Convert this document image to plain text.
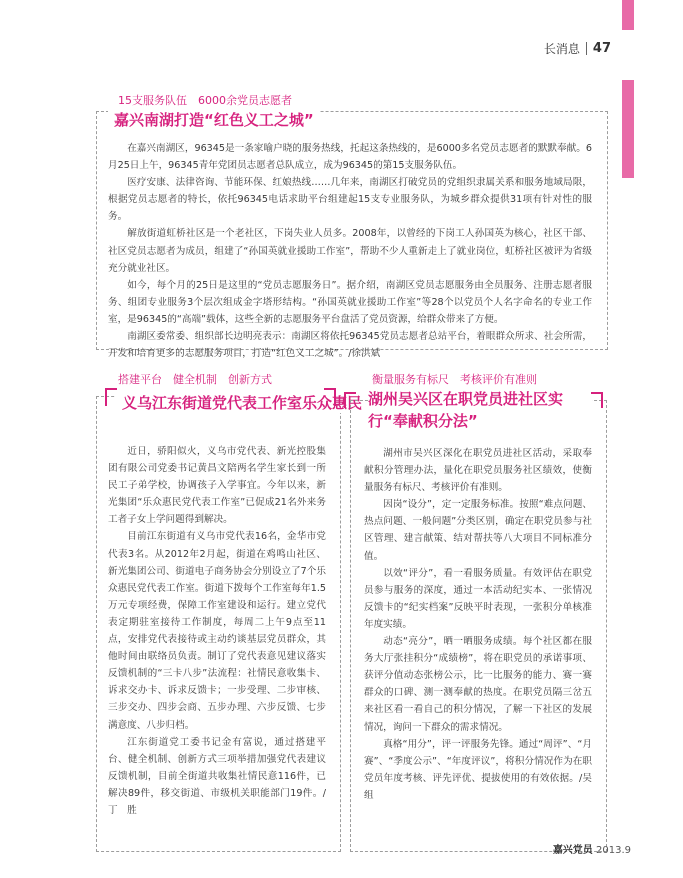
长消息 47
15支服务队伍　6000余党员志愿者
嘉兴南湖打造“红色义工之城”

在嘉兴南湖区，96345是一条家喻户晓的服务热线，托起这条热线的，是6000多名党员志愿者的默默奉献。6月25日上午，96345青年党团员志愿者总队成立，成为96345的第15支服务队伍。

医疗安康、法律咨询、节能环保、红娘热线……几年来，南湖区打破党员的党组织隶属关系和服务地域局限，根据党员志愿者的特长，依托96345电话求助平台组建起15支专业服务队，为城乡群众提供31项有针对性的服务。

解放街道虹桥社区是一个老社区，下岗失业人员多。2008年，以曾经的下岗工人孙国英为核心，社区干部、社区党员志愿者为成员，组建了“孙国英就业援助工作室”，帮助不少人重新走上了就业岗位，虹桥社区被评为省级充分就业社区。

如今，每个月的25日是这里的“党员志愿服务日”。据介绍，南湖区党员志愿服务由全员服务、注册志愿者服务、组团专业服务3个层次组成金字塔形结构。“孙国英就业援助工作室”等28个以党员个人名字命名的专业工作室，是96345的“高端”载体，这些全新的志愿服务平台盘活了党员资源，给群众带来了方便。

南湖区委常委、组织部长边明亮表示：南湖区将依托96345党员志愿者总站平台，着眼群众所求、社会所需，开发和培育更多的志愿服务项目，打造“红色义工之城”。/徐洪斌

搭建平台　健全机制　创新方式
义乌江东街道党代表工作室乐众惠民

近日，骄阳似火，义乌市党代表、新光控股集团有限公司党委书记黄昌文陪两名学生家长到一所民工子弟学校，协调孩子入学事宜。今年以来，新光集团“乐众惠民党代表工作室”已促成21名外来务工者子女上学问题得到解决。

目前江东街道有义乌市党代表16名，金华市党代表3名。从2012年2月起，街道在鸡鸣山社区、新光集团公司、街道电子商务协会分别设立了7个乐众惠民党代表工作室。街道下拨每个工作室每年1.5万元专项经费，保障工作室建设和运行。建立党代表定期驻室接待工作制度，每周二上午9点至11点，安排党代表接待或主动约谈基层党员群众，其他时间由联络员负责。制订了党代表意见建议落实反馈机制的“三卡八步”法流程：社情民意收集卡、诉求交办卡、诉求反馈卡；一步受理、二步审核、三步交办、四步会商、五步办理、六步反馈、七步满意度、八步归档。

江东街道党工委书记金有富说，通过搭建平台、健全机制、创新方式三项举措加强党代表建议反馈机制，目前全街道共收集社情民意116件，已解决89件，移交街道、市级机关职能部门19件。/丁　胜

衡量服务有标尺　考核评价有准则
湖州吴兴区在职党员进社区实行“奉献积分法”

湖州市吴兴区深化在职党员进社区活动，采取奉献积分管理办法，量化在职党员服务社区绩效，使衡量服务有标尺、考核评价有准则。

因岗“设分”，定一定服务标准。按照“难点问题、热点问题、一般问题”分类区别，确定在职党员参与社区管理、建言献策、结对帮扶等八大项目不同标准分值。

以效“评分”，看一看服务质量。有效评估在职党员参与服务的深度，通过一本活动纪实本、一张情况反馈卡的“纪实档案”反映平时表现，一张积分单核准年度实绩。

动态“亮分”，晒一晒服务成绩。每个社区都在服务大厅张挂积分“成绩榜”，将在职党员的承诺事项、获评分值动态张榜公示，比一比服务的能力、赛一赛群众的口碑、测一测奉献的热度。在职党员隔三岔五来社区看一看自己的积分情况，了解一下社区的发展情况，询问一下群众的需求情况。

真格“用分”，评一评服务先锋。通过“周评”、“月赛”、“季度公示”、“年度评议”，将积分情况作为在职党员年度考核、评先评优、提拔使用的有效依据。/吴　组

嘉兴党员 2013.9
